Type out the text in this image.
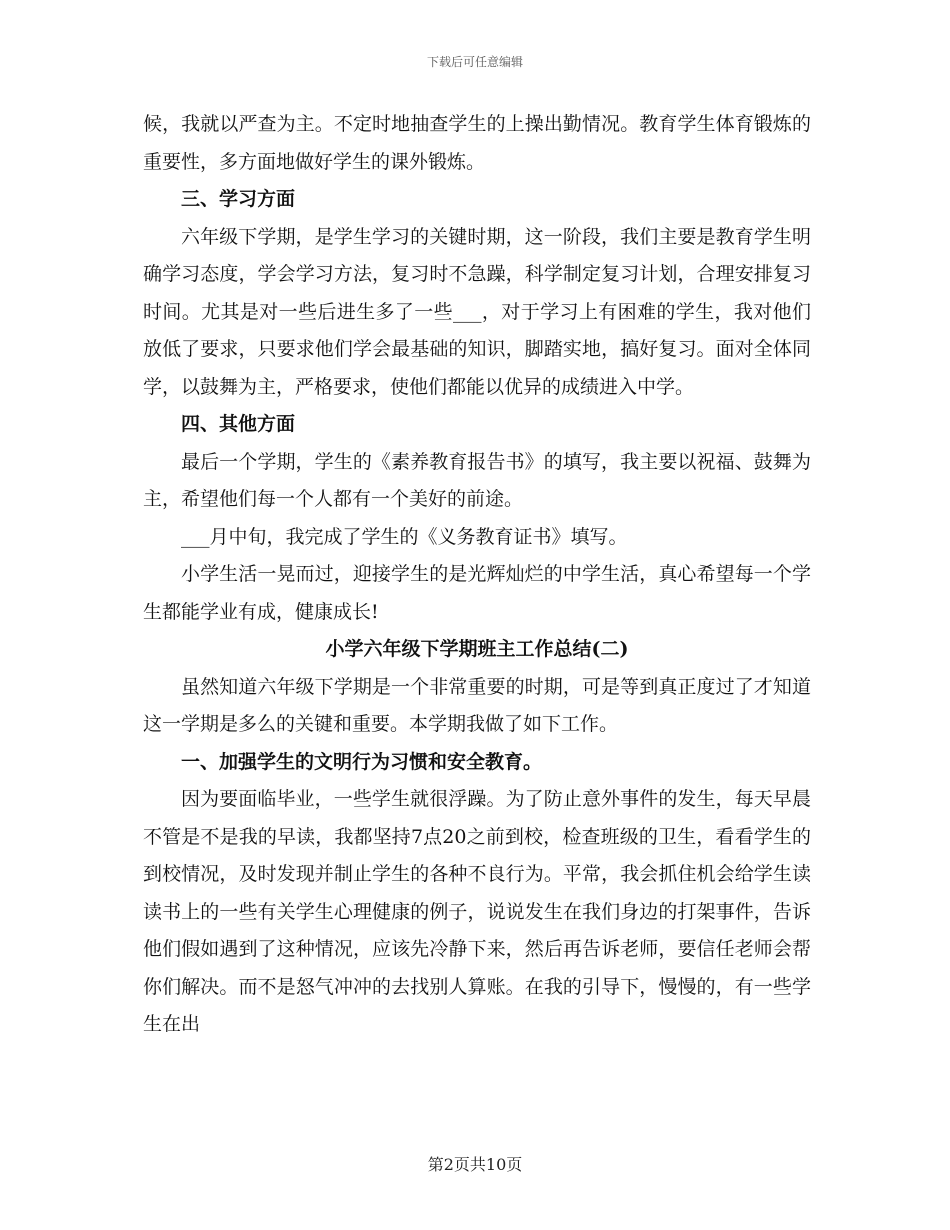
下载后可任意编辑

候，我就以严查为主。不定时地抽查学生的上操出勤情况。教育学生体育锻炼的重要性，多方面地做好学生的课外锻炼。

三、学习方面

六年级下学期，是学生学习的关键时期，这一阶段，我们主要是教育学生明确学习态度，学会学习方法，复习时不急躁，科学制定复习计划，合理安排复习时间。尤其是对一些后进生多了一些___，对于学习上有困难的学生，我对他们放低了要求，只要求他们学会最基础的知识，脚踏实地，搞好复习。面对全体同学，以鼓舞为主，严格要求，使他们都能以优异的成绩进入中学。

四、其他方面

最后一个学期，学生的《素养教育报告书》的填写，我主要以祝福、鼓舞为主，希望他们每一个人都有一个美好的前途。

___月中旬，我完成了学生的《义务教育证书》填写。

小学生活一晃而过，迎接学生的是光辉灿烂的中学生活，真心希望每一个学生都能学业有成，健康成长!

小学六年级下学期班主工作总结(二)

虽然知道六年级下学期是一个非常重要的时期，可是等到真正度过了才知道这一学期是多么的关键和重要。本学期我做了如下工作。

一、加强学生的文明行为习惯和安全教育。

因为要面临毕业，一些学生就很浮躁。为了防止意外事件的发生，每天早晨不管是不是我的早读，我都坚持7点20之前到校，检查班级的卫生，看看学生的到校情况，及时发现并制止学生的各种不良行为。平常，我会抓住机会给学生读读书上的一些有关学生心理健康的例子，说说发生在我们身边的打架事件，告诉他们假如遇到了这种情况，应该先冷静下来，然后再告诉老师，要信任老师会帮你们解决。而不是怒气冲冲的去找别人算账。在我的引导下，慢慢的，有一些学生在出

第2页共10页
